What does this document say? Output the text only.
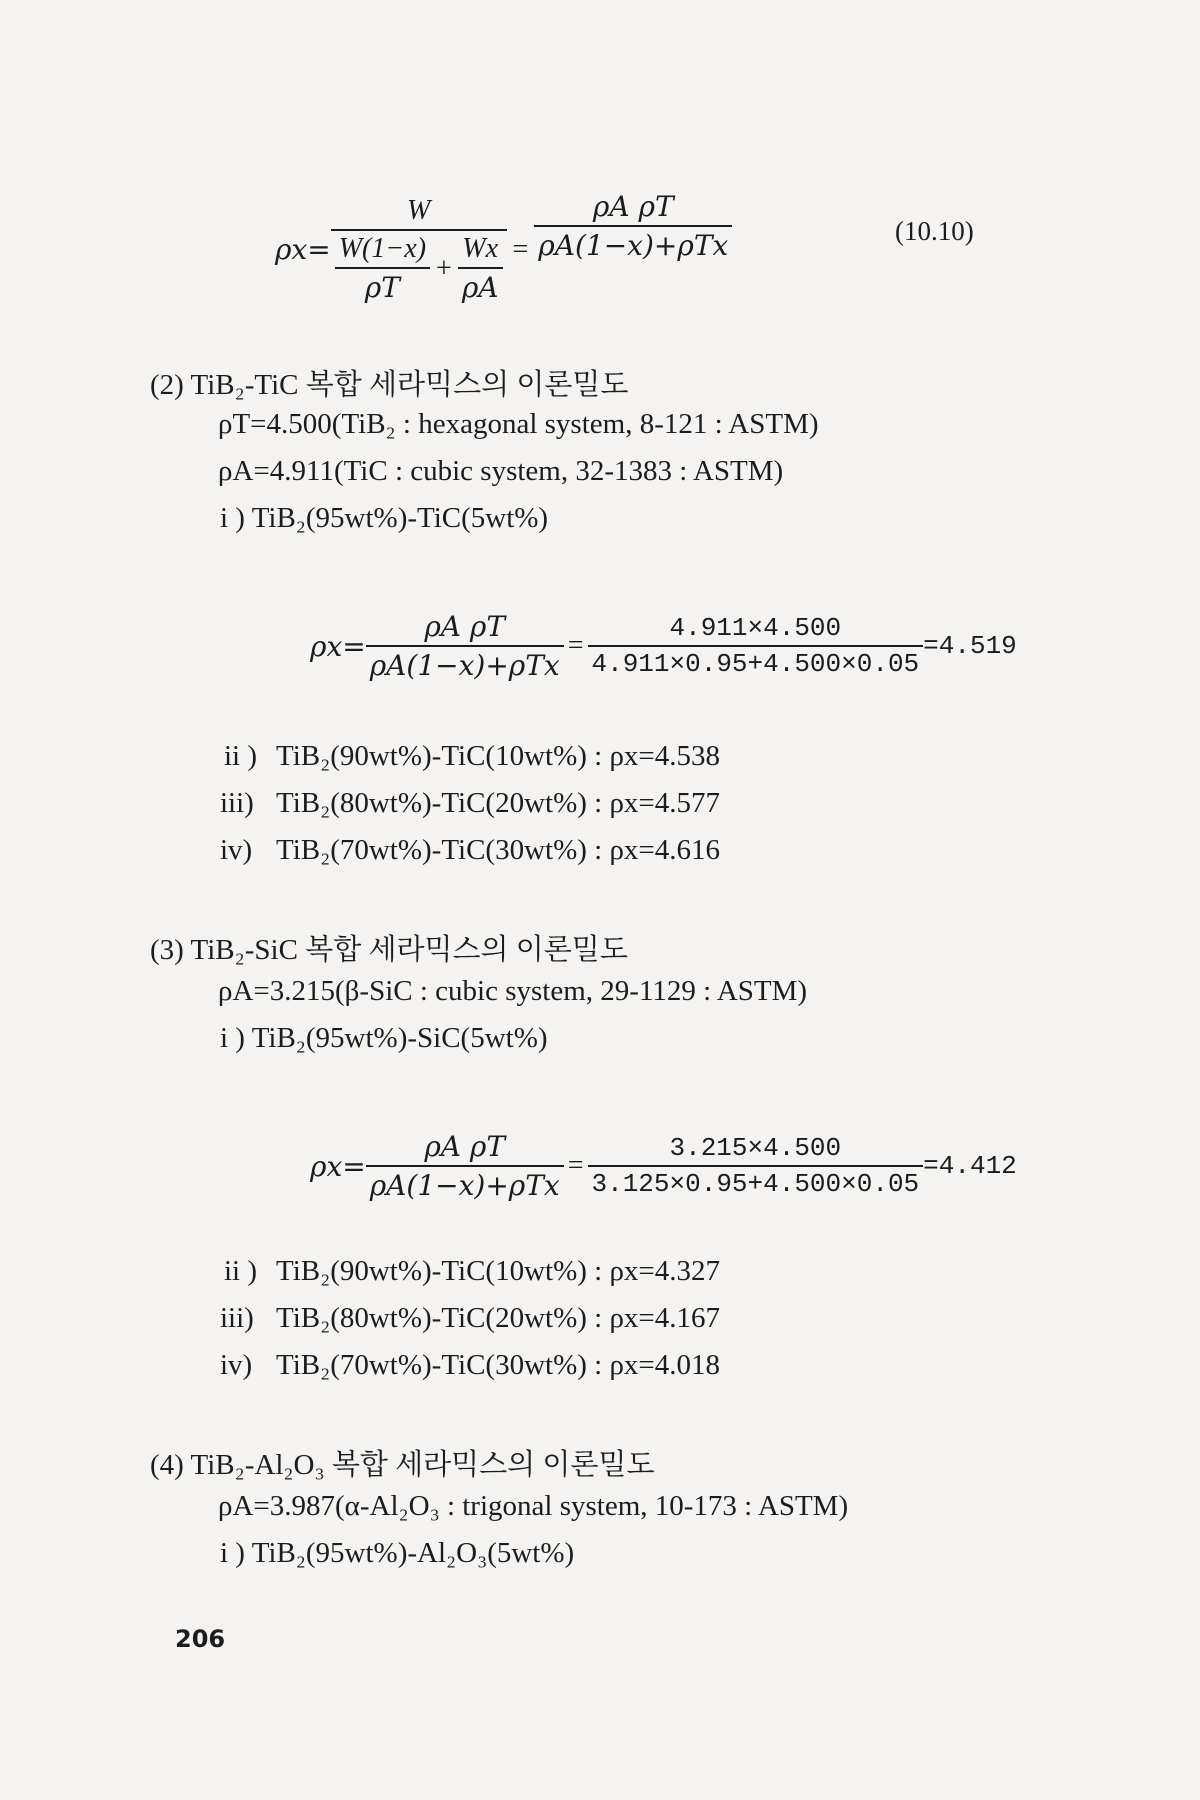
ρx=
W
$\frac{W(1-x)}{\rho T} + \frac{Wx}{\rho A} = \frac{\text{ρA ρT}}{\text{ρA(1−x)+ρTx}}$	(10.10)
(2) TiB₂-TiC 복합 세라믹스의 이론밀도
ρT=4.500(TiB₂ : hexagonal system, 8-121 : ASTM)
ρA=4.911(TiC : cubic system, 32-1383 : ASTM)
i ) TiB₂(95wt%)-TiC(5wt%)
$\rho x= \frac{\text{ρA ρT}}{\text{ρA(1−x)+ρTx}} = \frac{4.911\times 4.500}{4.911\times 0.95+4.500\times 0.05} =4.519$
ii ) TiB₂(90wt%)-TiC(10wt%) : ρx=4.538
iii) TiB₂(80wt%)-TiC(20wt%) : ρx=4.577
iv) TiB₂(70wt%)-TiC(30wt%) : ρx=4.616
(3) TiB₂-SiC 복합 세라믹스의 이론밀도
ρA=3.215(β-SiC : cubic system, 29-1129 : ASTM)
i ) TiB₂(95wt%)-SiC(5wt%)
$\rho x= \frac{\text{ρA ρT}}{\text{ρA(1−x)+ρTx}} = \frac{3.215\times 4.500}{3.125\times 0.95+4.500\times 0.05} =4.412$
ii ) TiB₂(90wt%)-TiC(10wt%) : ρx=4.327
iii) TiB₂(80wt%)-TiC(20wt%) : ρx=4.167
iv) TiB₂(70wt%)-TiC(30wt%) : ρx=4.018
(4) TiB₂-Al₂O₃ 복합 세라믹스의 이론밀도
ρA=3.987(α-Al₂O₃ : trigonal system, 10-173 : ASTM)
i ) TiB₂(95wt%)-Al₂O₃(5wt%)
206
